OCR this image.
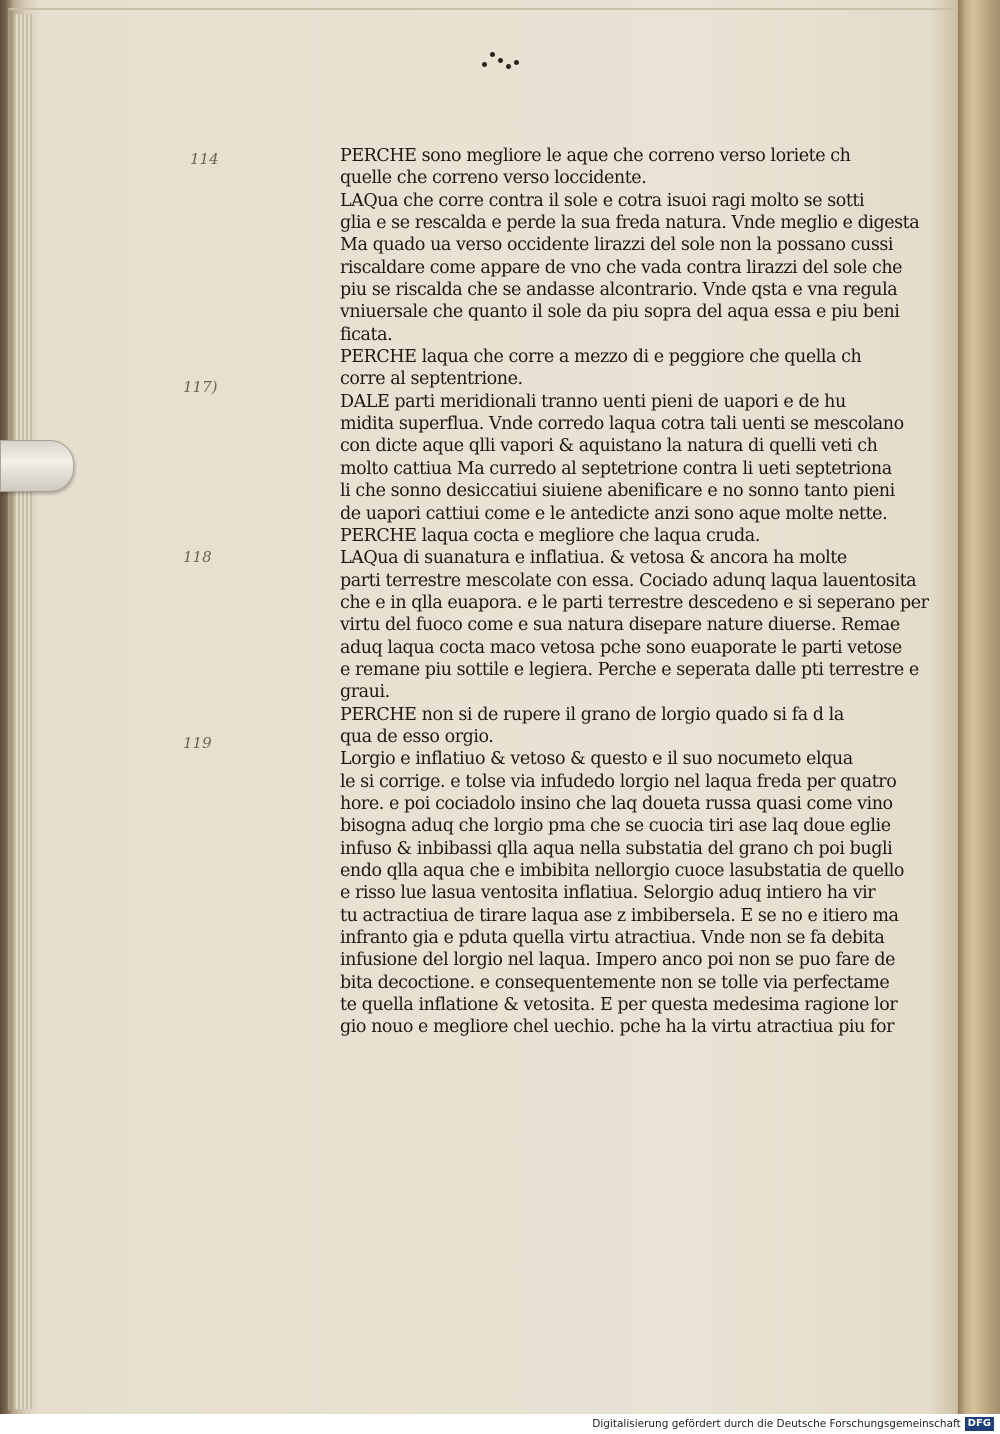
114
117)
118
119
PERCHE sono megliore le aque che correno verso loriete ch
quelle che correno verso loccidente.
LAQua che corre contra il sole e cotra isuoi ragi molto se sotti
glia e se rescalda e perde la sua freda natura. Vnde meglio e digesta
Ma quado ua verso occidente lirazzi del sole non la possano cussi
riscaldare come appare de vno che vada contra lirazzi del sole che
piu se riscalda che se andasse alcontrario. Vnde qsta e vna regula
vniuersale che quanto il sole da piu sopra del aqua essa e piu beni
ficata.
PERCHE laqua che corre a mezzo di e peggiore che quella ch
corre al septentrione.
DALE parti meridionali tranno uenti pieni de uapori e de hu
midita superflua. Vnde corredo laqua cotra tali uenti se mescolano
con dicte aque qlli vapori & aquistano la natura di quelli veti ch
molto cattiua Ma curredo al septetrione contra li ueti septetriona
li che sonno desiccatiui siuiene abenificare e no sonno tanto pieni
de uapori cattiui come e le antedicte anzi sono aque molte nette.
PERCHE laqua cocta e megliore che laqua cruda.
LAQua di suanatura e inflatiua. & vetosa & ancora ha molte
parti terrestre mescolate con essa. Cociado adunq laqua lauentosita
che e in qlla euapora. e le parti terrestre descedeno e si seperano per
virtu del fuoco come e sua natura disepare nature diuerse. Remae
aduq laqua cocta maco vetosa pche sono euaporate le parti vetose
e remane piu sottile e legiera. Perche e seperata dalle pti terrestre e
graui.
PERCHE non si de rupere il grano de lorgio quado si fa d la
qua de esso orgio.
Lorgio e inflatiuo & vetoso & questo e il suo nocumeto elqua
le si corrige. e tolse via infudedo lorgio nel laqua freda per quatro
hore. e poi cociadolo insino che laq doueta russa quasi come vino
bisogna aduq che lorgio pma che se cuocia tiri ase laq doue eglie
infuso & inbibassi qlla aqua nella substatia del grano ch poi bugli
endo qlla aqua che e imbibita nellorgio cuoce lasubstatia de quello
e risso lue lasua ventosita inflatiua. Selorgio aduq intiero ha vir
tu actractiua de tirare laqua ase z imbibersela. E se no e itiero ma
infranto gia e pduta quella virtu atractiua. Vnde non se fa debita
infusione del lorgio nel laqua. Impero anco poi non se puo fare de
bita decoctione. e consequentemente non se tolle via perfectame
te quella inflatione & vetosita. E per questa medesima ragione lor
gio nouo e megliore chel uechio. pche ha la virtu atractiua piu for
Digitalisierung gefördert durch die Deutsche Forschungsgemeinschaft DFG
